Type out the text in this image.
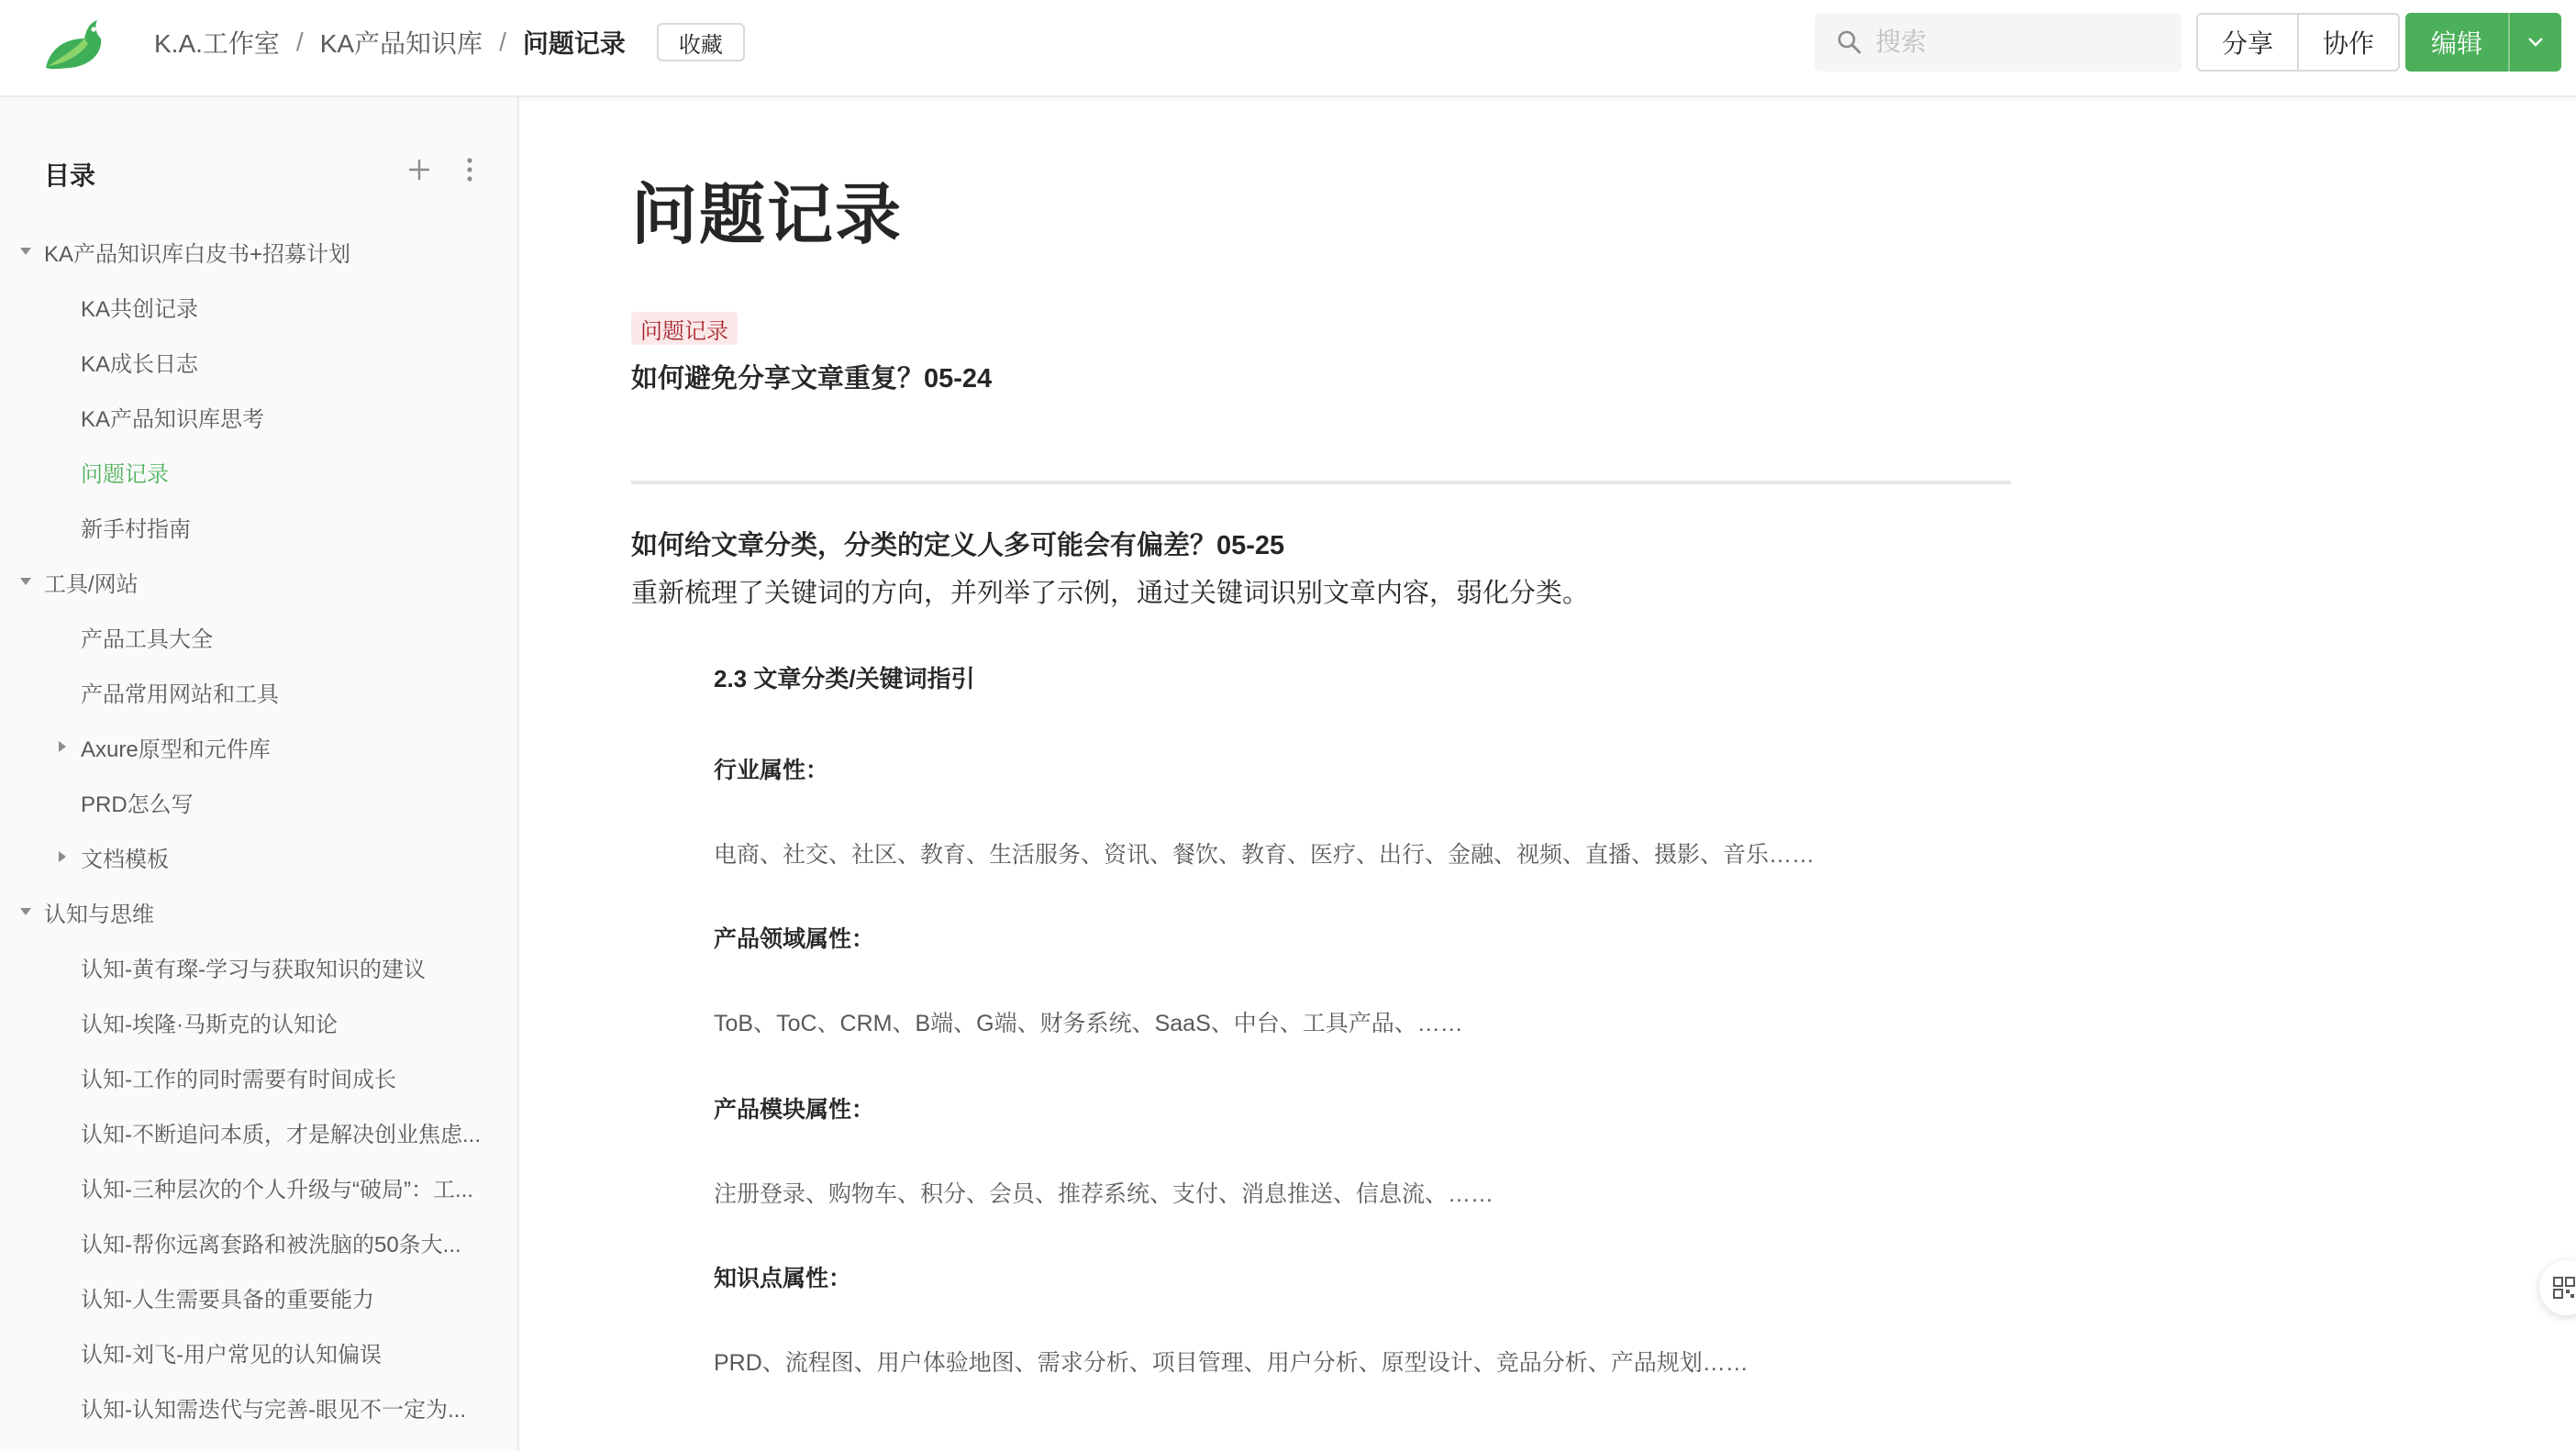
K.A.工作室 / KA产品知识库 / 问题记录	收藏
搜索	分享	协作	编辑
目录
KA产品知识库白皮书+招募计划
KA共创记录
KA成长日志
KA产品知识库思考
问题记录
新手村指南
工具/网站
产品工具大全
产品常用网站和工具
Axure原型和元件库
PRD怎么写
文档模板
认知与思维
认知-黄有璨-学习与获取知识的建议
认知-埃隆·马斯克的认知论
认知-工作的同时需要有时间成长
认知-不断追问本质，才是解决创业焦虑...
认知-三种层次的个人升级与“破局”：工...
认知-帮你远离套路和被洗脑的50条大...
认知-人生需要具备的重要能力
认知-刘飞-用户常见的认知偏误
认知-认知需迭代与完善-眼见不一定为...
问题记录
问题记录
如何避免分享文章重复？05-24
如何给文章分类，分类的定义人多可能会有偏差？05-25
重新梳理了关键词的方向，并列举了示例，通过关键词识别文章内容，弱化分类。
2.3 文章分类/关键词指引
行业属性：
电商、社交、社区、教育、生活服务、资讯、餐饮、教育、医疗、出行、金融、视频、直播、摄影、音乐……
产品领域属性：
ToB、ToC、CRM、B端、G端、财务系统、SaaS、中台、工具产品、……
产品模块属性：
注册登录、购物车、积分、会员、推荐系统、支付、消息推送、信息流、……
知识点属性：
PRD、流程图、用户体验地图、需求分析、项目管理、用户分析、原型设计、竞品分析、产品规划……
